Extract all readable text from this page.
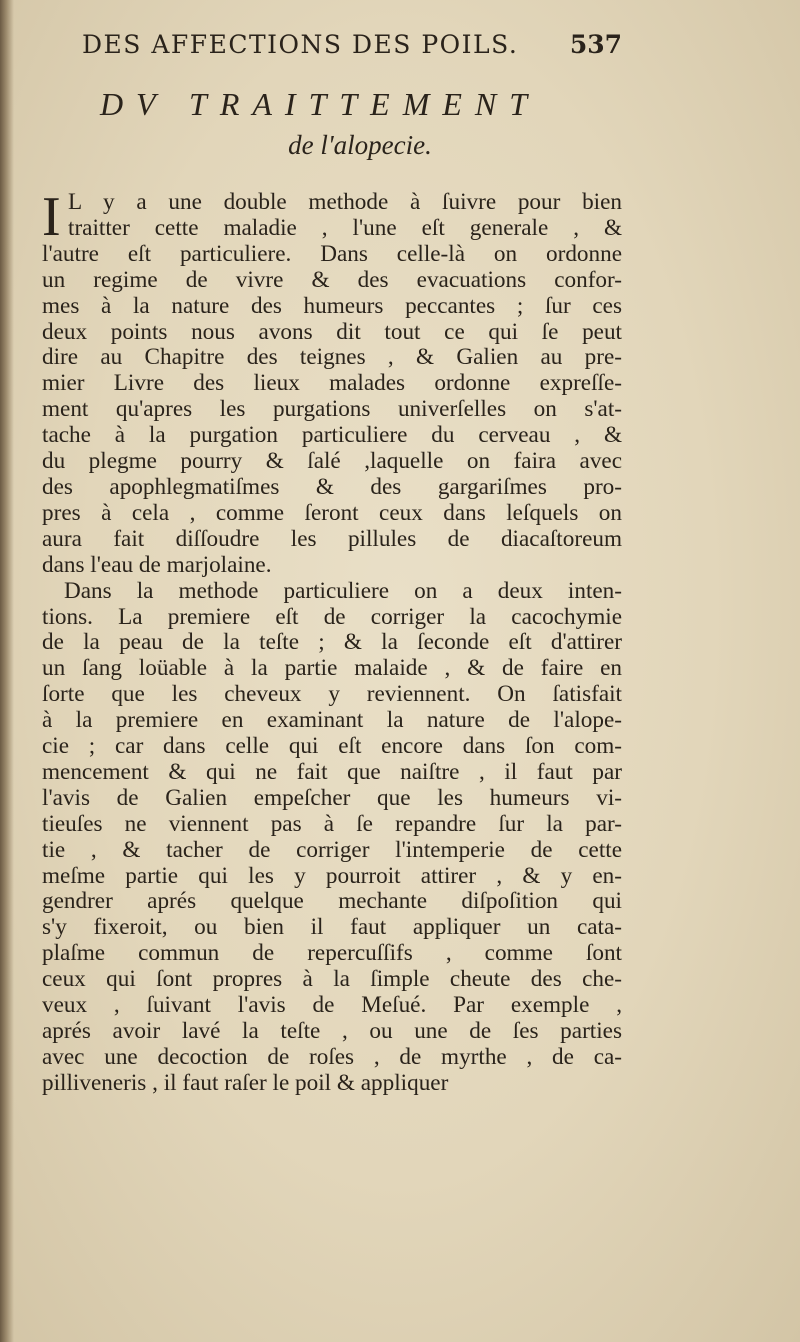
DES AFFECTIONS DES POILS. 537
DV TRAITTEMENT
de l'alopecie.
I L y a une double methode à ſuivre pour bien
traitter cette maladie , l'une eſt generale , &
l'autre eſt particuliere. Dans celle-là on ordonne
un regime de vivre & des evacuations confor-
mes à la nature des humeurs peccantes ; ſur ces
deux points nous avons dit tout ce qui ſe peut
dire au Chapitre des teignes , & Galien au pre-
mier Livre des lieux malades ordonne expreſſe-
ment qu'apres les purgations univerſelles on s'at-
tache à la purgation particuliere du cerveau , &
du plegme pourry & ſalé ,laquelle on faira avec
des apophlegmatiſmes & des gargariſmes pro-
pres à cela , comme ſeront ceux dans leſquels on
aura fait diſſoudre les pillules de diacaſtoreum
dans l'eau de marjolaine.
Dans la methode particuliere on a deux inten-
tions. La premiere eſt de corriger la cacochymie
de la peau de la teſte ; & la ſeconde eſt d'attirer
un ſang loüable à la partie malaide , & de faire en
ſorte que les cheveux y reviennent. On ſatisfait
à la premiere en examinant la nature de l'alope-
cie ; car dans celle qui eſt encore dans ſon com-
mencement & qui ne fait que naiſtre , il faut par
l'avis de Galien empeſcher que les humeurs vi-
tieuſes ne viennent pas à ſe repandre ſur la par-
tie , & tacher de corriger l'intemperie de cette
meſme partie qui les y pourroit attirer , & y en-
gendrer aprés quelque mechante diſpoſition qui
s'y fixeroit, ou bien il faut appliquer un cata-
plaſme commun de repercuſſifs , comme ſont
ceux qui ſont propres à la ſimple cheute des che-
veux , ſuivant l'avis de Meſué. Par exemple ,
aprés avoir lavé la teſte , ou une de ſes parties
avec une decoction de roſes , de myrthe , de ca-
pilliveneris , il faut raſer le poil & appliquer
